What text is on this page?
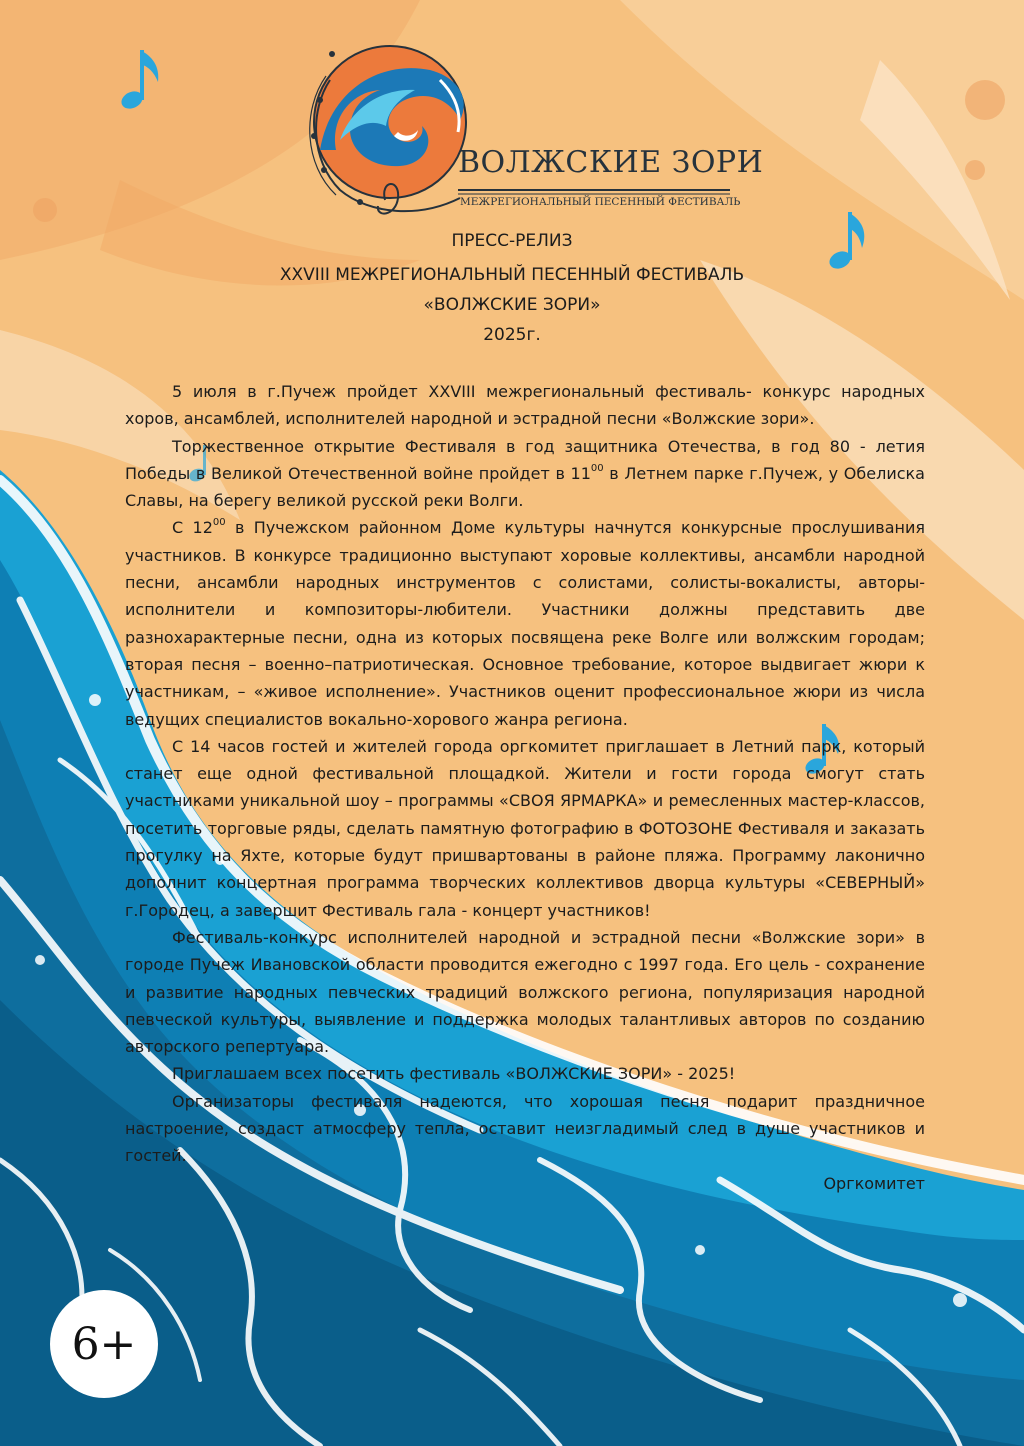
ВОЛЖСКИЕ ЗОРИ
МЕЖРЕГИОНАЛЬНЫЙ ПЕСЕННЫЙ ФЕСТИВАЛЬ
ПРЕСС-РЕЛИЗ
XXVIII МЕЖРЕГИОНАЛЬНЫЙ ПЕСЕННЫЙ ФЕСТИВАЛЬ
«ВОЛЖСКИЕ ЗОРИ»
2025г.

5 июля в г.Пучеж пройдет XXVIII межрегиональный фестиваль- конкурс народных хоров, ансамблей, исполнителей народной и эстрадной песни «Волжские зори».

Торжественное открытие Фестиваля в год защитника Отечества, в год 80 - летия Победы в Великой Отечественной войне пройдет в $11^{00}$ в Летнем парке г.Пучеж, у Обелиска Славы, на берегу великой русской реки Волги.

С $12^{00}$ в Пучежском районном Доме культуры начнутся конкурсные прослушивания участников. В конкурсе традиционно выступают хоровые коллективы, ансамбли народной песни, ансамбли народных инструментов с солистами, солисты-вокалисты, авторы-исполнители и композиторы-любители. Участники должны представить две разнохарактерные песни, одна из которых посвящена реке Волге или волжским городам; вторая песня – военно–патриотическая. Основное требование, которое выдвигает жюри к участникам, – «живое исполнение». Участников оценит профессиональное жюри из числа ведущих специалистов вокально-хорового жанра региона.

С 14 часов гостей и жителей города оргкомитет приглашает в Летний парк, который станет еще одной фестивальной площадкой. Жители и гости города смогут стать участниками уникальной шоу – программы «СВОЯ ЯРМАРКА» и ремесленных мастер-классов, посетить торговые ряды, сделать памятную фотографию в ФОТОЗОНЕ Фестиваля и заказать прогулку на Яхте, которые будут пришвартованы в районе пляжа. Программу лаконично дополнит концертная программа творческих коллективов дворца культуры «СЕВЕРНЫЙ» г.Городец, а завершит Фестиваль гала - концерт участников!

Фестиваль-конкурс исполнителей народной и эстрадной песни «Волжские зори» в городе Пучеж Ивановской области проводится ежегодно с 1997 года. Его цель - сохранение и развитие народных певческих традиций волжского региона, популяризация народной певческой культуры, выявление и поддержка молодых талантливых авторов по созданию авторского репертуара.

Приглашаем всех посетить фестиваль «ВОЛЖСКИЕ ЗОРИ» - 2025!

Организаторы фестиваля надеются, что хорошая песня подарит праздничное настроение, создаст атмосферу тепла, оставит неизгладимый след в душе участников и гостей.

Оргкомитет

6+
